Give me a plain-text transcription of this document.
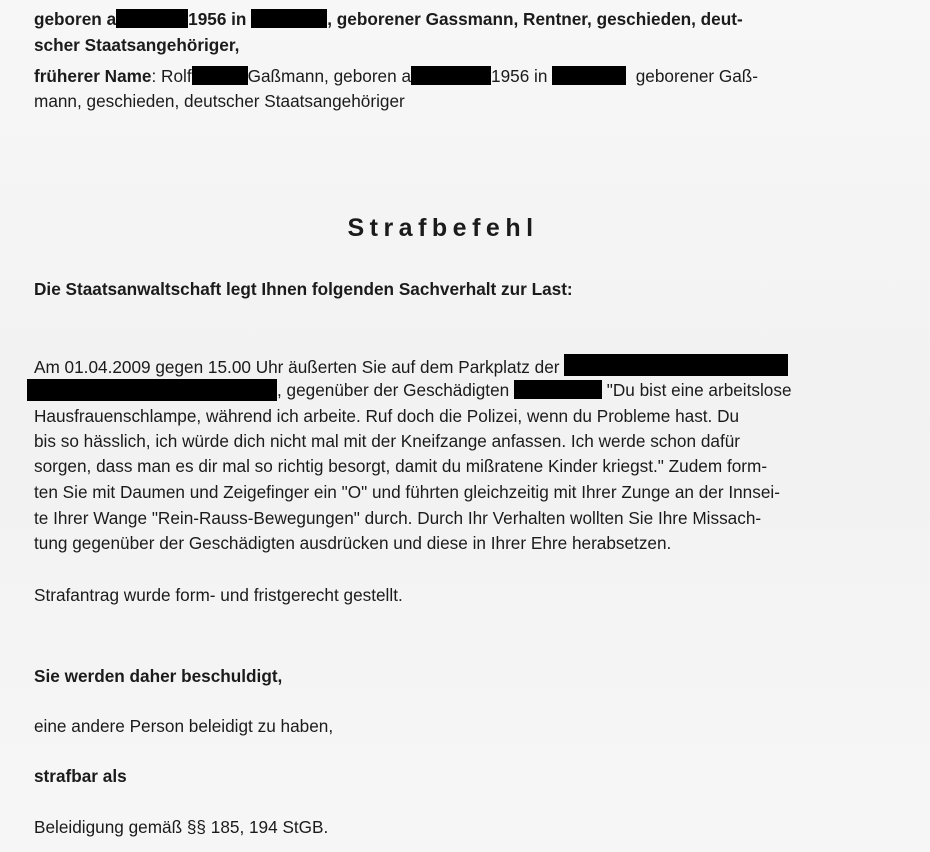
geboren a	1956 in	, geborener Gassmann, Rentner, geschieden, deut-
scher Staatsangehöriger,
früherer Name: Rolf	Gaßmann, geboren a	1956 in	geborener Gaß-
mann, geschieden, deutscher Staatsangehöriger
Strafbefehl
Die Staatsanwaltschaft legt Ihnen folgenden Sachverhalt zur Last:
Am 01.04.2009 gegen 15.00 Uhr äußerten Sie auf dem Parkplatz der
, gegenüber der Geschädigten	"Du bist eine arbeitslose
Hausfrauenschlampe, während ich arbeite. Ruf doch die Polizei, wenn du Probleme hast. Du
bis so hässlich, ich würde dich nicht mal mit der Kneifzange anfassen. Ich werde schon dafür
sorgen, dass man es dir mal so richtig besorgt, damit du mißratene Kinder kriegst." Zudem form-
ten Sie mit Daumen und Zeigefinger ein "O" und führten gleichzeitig mit Ihrer Zunge an der Innsei-
te Ihrer Wange "Rein-Rauss-Bewegungen" durch. Durch Ihr Verhalten wollten Sie Ihre Missach-
tung gegenüber der Geschädigten ausdrücken und diese in Ihrer Ehre herabsetzen.
Strafantrag wurde form- und fristgerecht gestellt.
Sie werden daher beschuldigt,
eine andere Person beleidigt zu haben,
strafbar als
Beleidigung gemäß §§ 185, 194 StGB.
